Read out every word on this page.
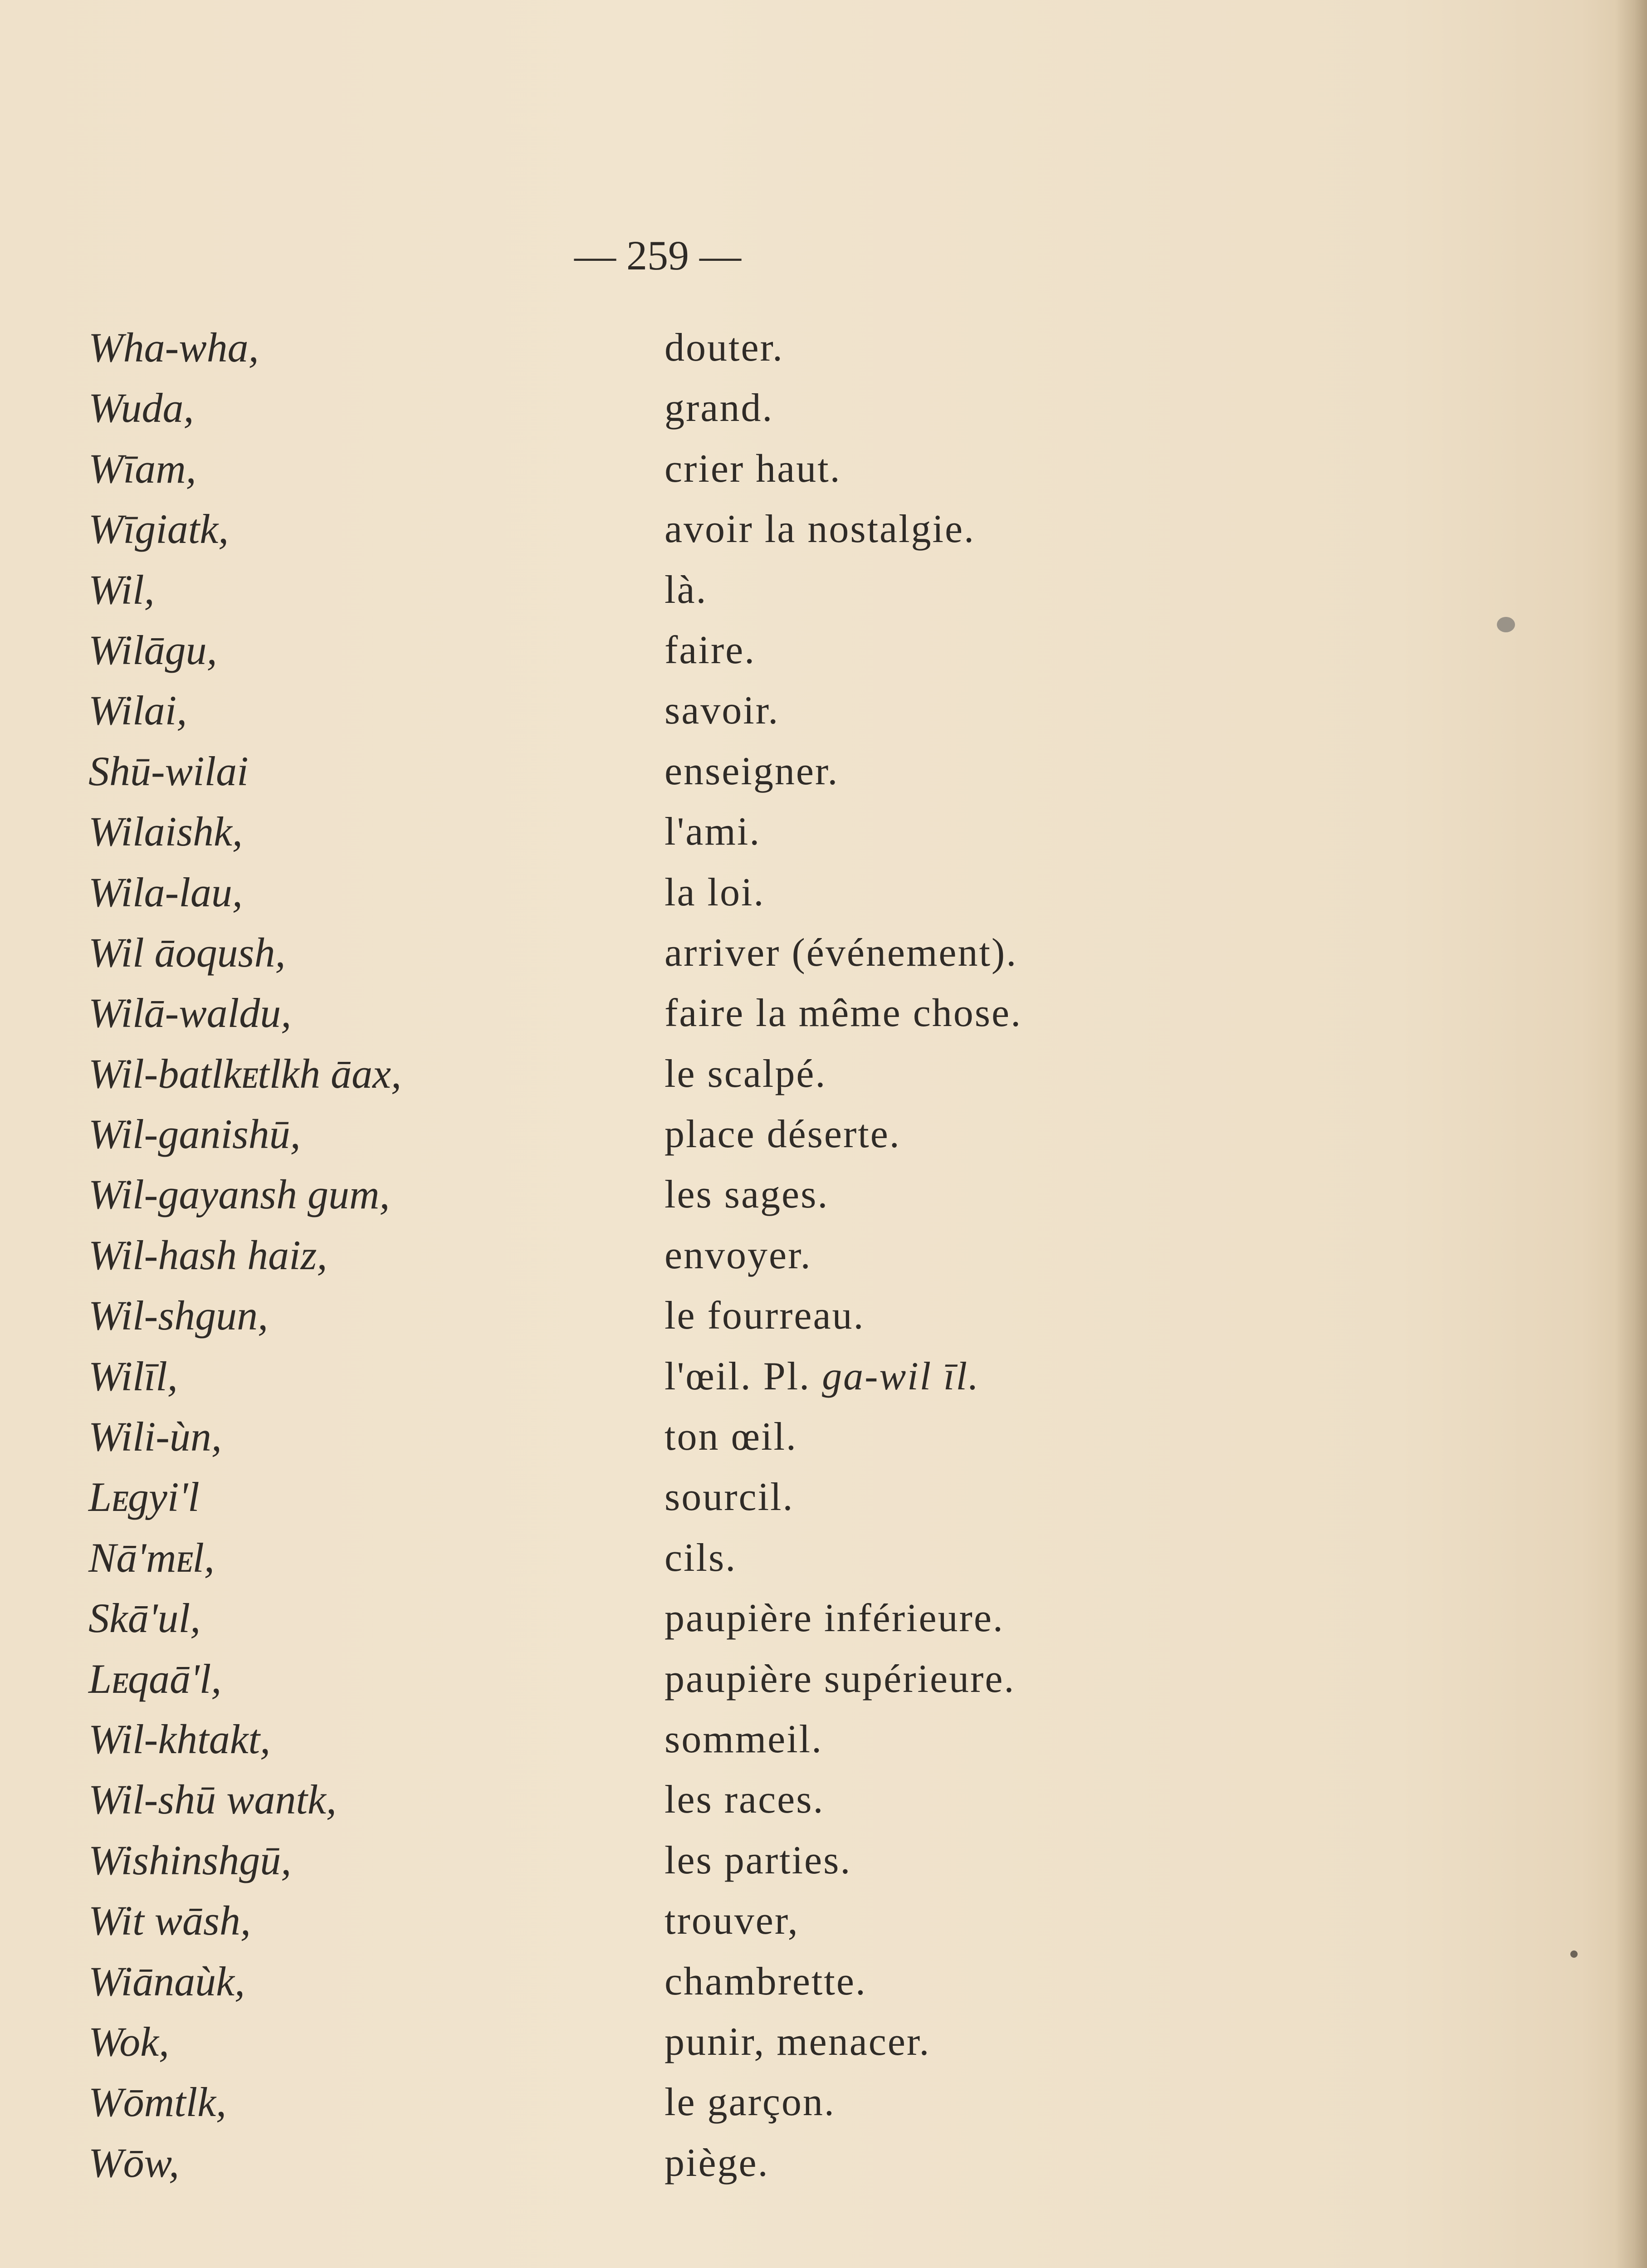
— 259 —
Wha-wha,	douter.
Wuda,	grand.
Wīam,	crier haut.
Wīgiatk,	avoir la nostalgie.
Wil,	là.
Wilāgu,	faire.
Wilai,	savoir.
Shū-wilai	enseigner.
Wilaishk,	l'ami.
Wila-lau,	la loi.
Wil āoqush,	arriver (événement).
Wilā-waldu,	faire la même chose.
Wil-batlkᴇtlkh āax,	le scalpé.
Wil-ganishū,	place déserte.
Wil-gayansh gum,	les sages.
Wil-hash haiz,	envoyer.
Wil-shgun,	le fourreau.
Wilīl,	l'œil. Pl. ga-wil īl.
Wili-ùn,	ton œil.
Lᴇgyi'l	sourcil.
Nā'mᴇl,	cils.
Skā'ul,	paupière inférieure.
Lᴇqaā'l,	paupière supérieure.
Wil-khtakt,	sommeil.
Wil-shū wantk,	les races.
Wishinshgū,	les parties.
Wit wāsh,	trouver,
Wiānaùk,	chambrette.
Wok,	punir, menacer.
Wōmtlk,	le garçon.
Wōw,	piège.
